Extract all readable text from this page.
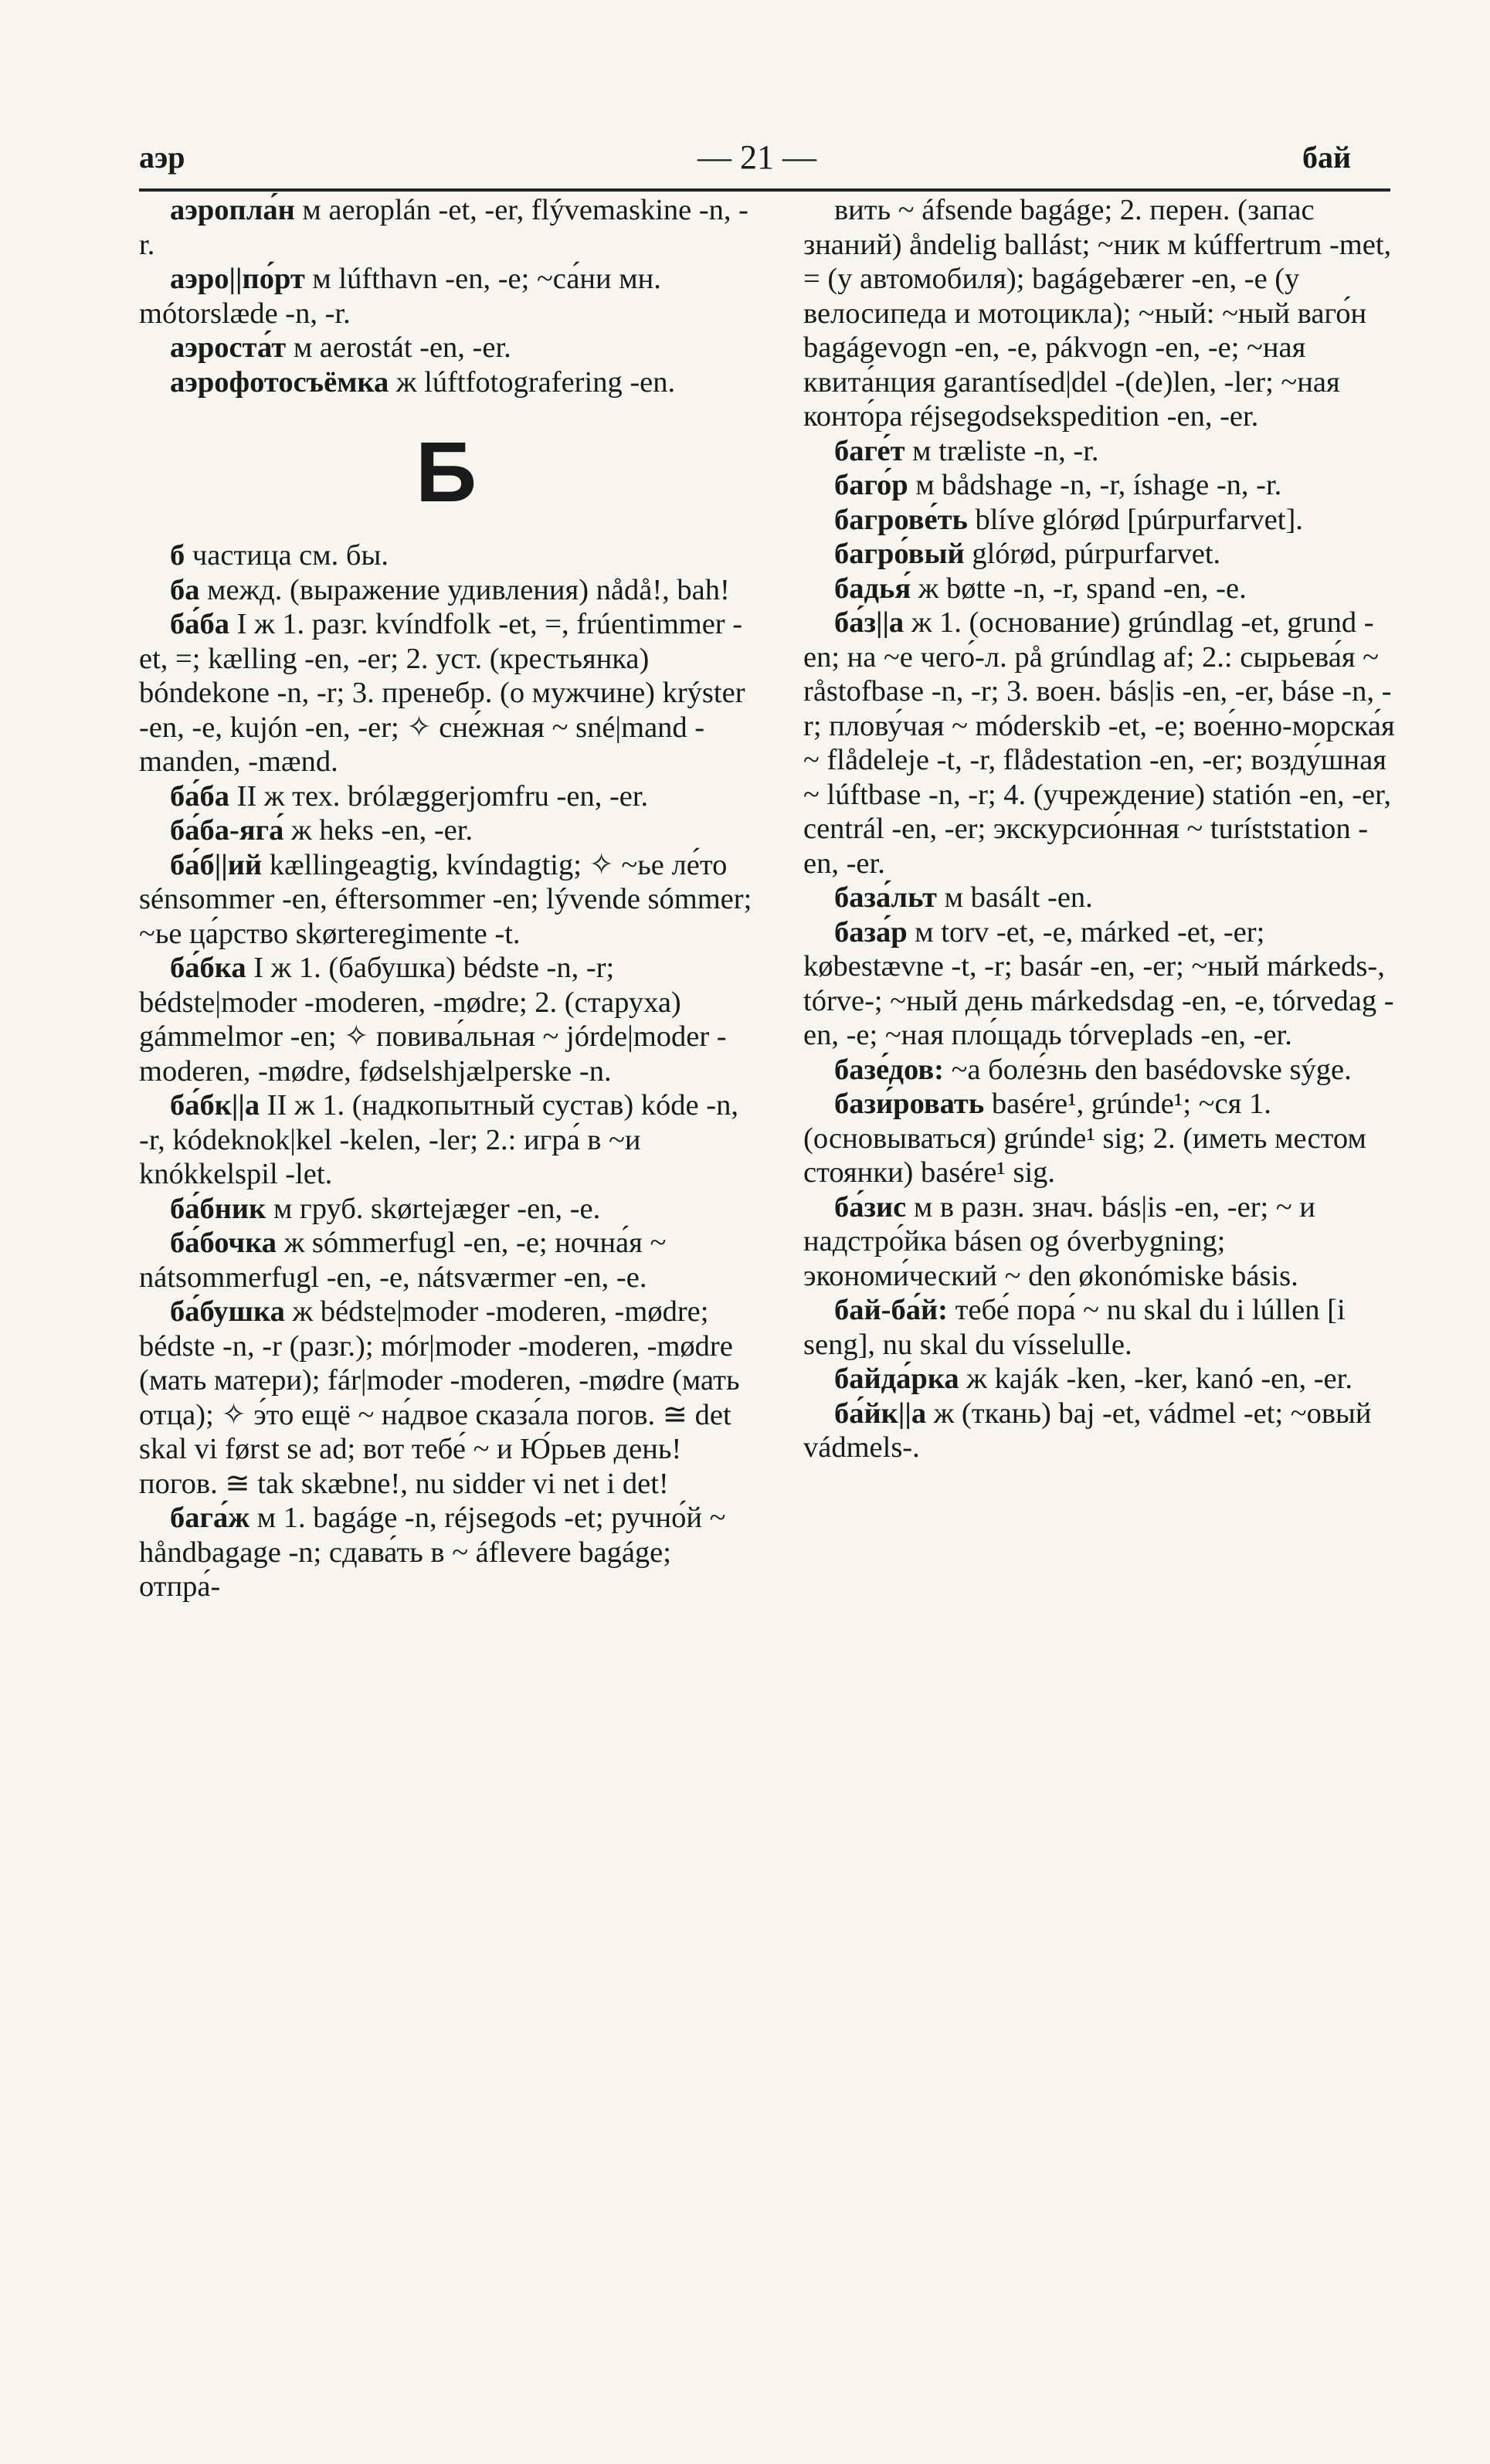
аэр	— 21 —	бай

аэропла́н м aeroplán -et, -er, flývemaskine -n, -r.

аэро||по́рт м lúfthavn -en, -e; ~са́ни мн. mótorslæde -n, -r.

аэроста́т м aerostát -en, -er.

аэрофотосъёмка ж lúftfotografering -en.

Б

б частица см. бы.

ба межд. (выражение удивления) nådå!, bah!

ба́ба I ж 1. разг. kvíndfolk -et, =, frúentimmer -et, =; kælling -en, -er; 2. уст. (крестьянка) bóndekone -n, -r; 3. пренебр. (о мужчине) krýster -en, -e, kujón -en, -er; ✧ сне́жная ~ sné|mand -manden, -mænd.

ба́ба II ж тех. brólæggerjomfru -en, -er.

ба́ба-яга́ ж heks -en, -er.

ба́б||ий kællingeagtig, kvíndagtig; ✧ ~ье ле́то sénsommer -en, éftersommer -en; lývende sómmer; ~ье ца́рство skørteregimente -t.

ба́бка I ж 1. (бабушка) bédste -n, -r; bédste|moder -moderen, -mødre; 2. (старуха) gámmelmor -en; ✧ повива́льная ~ jórde|moder -moderen, -mødre, fødselshjælperske -n.

ба́бк||а II ж 1. (надкопытный сустав) kóde -n, -r, kódeknok|kel -kelen, -ler; 2.: игра́ в ~и knókkelspil -let.

ба́бник м груб. skørtejæger -en, -e.

ба́бочка ж sómmerfugl -en, -e; ночна́я ~ nátsommerfugl -en, -e, nátsværmer -en, -e.

ба́бушка ж bédste|moder -moderen, -mødre; bédste -n, -r (разг.); mór|moder -moderen, -mødre (мать матери); fár|moder -moderen, -mødre (мать отца); ✧ э́то ещё ~ на́двое сказа́ла погов. ≅ det skal vi først se ad; вот тебе́ ~ и Ю́рьев день! погов. ≅ tak skæbne!, nu sidder vi net i det!

бага́ж м 1. bagáge -n, réjsegods -et; ручно́й ~ håndbagage -n; сдава́ть в ~ áflevere bagáge; отпра́-

вить ~ áfsende bagáge; 2. перен. (запас знаний) åndelig ballást; ~ник м kúffertrum -met, = (у автомобиля); bagágebærer -en, -e (у велосипеда и мотоцикла); ~ный: ~ный ваго́н bagágevogn -en, -e, pákvogn -en, -e; ~ная квита́нция garantísed|del -(de)len, -ler; ~ная конто́ра réjsegodsekspedition -en, -er.

баге́т м træliste -n, -r.

баго́р м bådshage -n, -r, íshage -n, -r.

багрове́ть blíve glórød [púrpurfarvet].

багро́вый glórød, púrpurfarvet.

бадья́ ж bøtte -n, -r, spand -en, -e.

ба́з||а ж 1. (основание) grúndlag -et, grund -en; на ~е чего́-л. på grúndlag af; 2.: сырьева́я ~ råstofbase -n, -r; 3. воен. bás|is -en, -er, báse -n, -r; плову́чая ~ móderskib -et, -e; вое́нно-морска́я ~ flådeleje -t, -r, flådestation -en, -er; возду́шная ~ lúftbase -n, -r; 4. (учреждение) statión -en, -er, centrál -en, -er; экскурсио́нная ~ turíststation -en, -er.

база́льт м basált -en.

база́р м torv -et, -e, márked -et, -er; købestævne -t, -r; basár -en, -er; ~ный márkeds-, tórve-; ~ный день márkedsdag -en, -e, tórvedag -en, -e; ~ная пло́щадь tórveplads -en, -er.

базе́дов: ~а боле́знь den basédovske sýge.

бази́ровать basére¹, grúnde¹; ~ся 1. (основываться) grúnde¹ sig; 2. (иметь местом стоянки) basére¹ sig.

ба́зис м в разн. знач. bás|is -en, -er; ~ и надстро́йка básen og óverbygning; экономи́ческий ~ den økonómiske básis.

бай-ба́й: тебе́ пора́ ~ nu skal du i lúllen [i seng], nu skal du vísselulle.

байда́рка ж kaják -ken, -ker, kanó -en, -er.

ба́йк||а ж (ткань) baj -et, vádmel -et; ~овый vádmels-.
